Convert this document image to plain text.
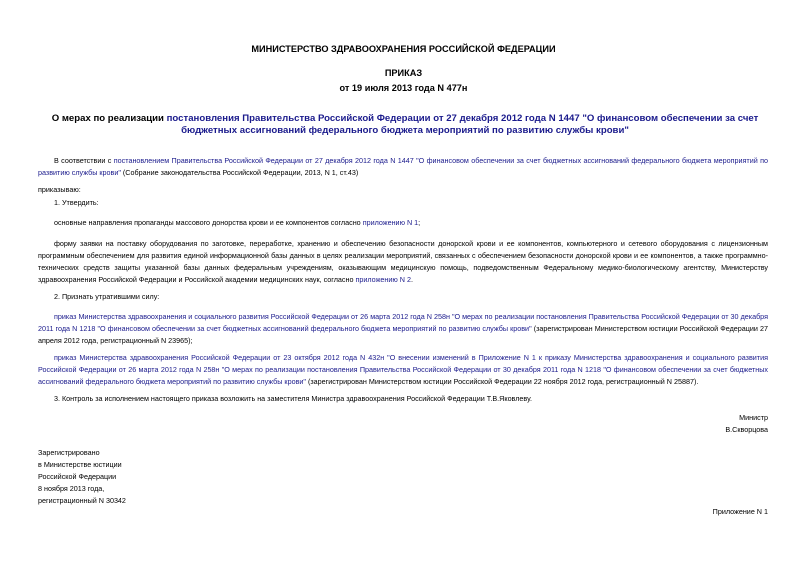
МИНИСТЕРСТВО ЗДРАВООХРАНЕНИЯ РОССИЙСКОЙ ФЕДЕРАЦИИ
ПРИКАЗ
от 19 июля 2013 года N 477н
О мерах по реализации постановления Правительства Российской Федерации от 27 декабря 2012 года N 1447 "О финансовом обеспечении за счет бюджетных ассигнований федерального бюджета мероприятий по развитию службы крови"
В соответствии с постановлением Правительства Российской Федерации от 27 декабря 2012 года N 1447 "О финансовом обеспечении за счет бюджетных ассигнований федерального бюджета мероприятий по развитию службы крови" (Собрание законодательства Российской Федерации, 2013, N 1, ст.43)
приказываю:
1. Утвердить:
основные направления пропаганды массового донорства крови и ее компонентов согласно приложению N 1;
форму заявки на поставку оборудования по заготовке, переработке, хранению и обеспечению безопасности донорской крови и ее компонентов, компьютерного и сетевого оборудования с лицензионным программным обеспечением для развития единой информационной базы данных в целях реализации мероприятий, связанных с обеспечением безопасности донорской крови и ее компонентов, а также программно-технических средств защиты указанной базы данных федеральным учреждениям, оказывающим медицинскую помощь, подведомственным Федеральному медико-биологическому агентству, Министерству здравоохранения Российской Федерации и Российской академии медицинских наук, согласно приложению N 2.
2. Признать утратившими силу:
приказ Министерства здравоохранения и социального развития Российской Федерации от 26 марта 2012 года N 258н "О мерах по реализации постановления Правительства Российской Федерации от 30 декабря 2011 года N 1218 "О финансовом обеспечении за счет бюджетных ассигнований федерального бюджета мероприятий по развитию службы крови" (зарегистрирован Министерством юстиции Российской Федерации 27 апреля 2012 года, регистрационный N 23965);
приказ Министерства здравоохранения Российской Федерации от 23 октября 2012 года N 432н "О внесении изменений в Приложение N 1 к приказу Министерства здравоохранения и социального развития Российской Федерации от 26 марта 2012 года N 258н "О мерах по реализации постановления Правительства Российской Федерации от 30 декабря 2011 года N 1218 "О финансовом обеспечении за счет бюджетных ассигнований федерального бюджета мероприятий по развитию службы крови" (зарегистрирован Министерством юстиции Российской Федерации 22 ноября 2012 года, регистрационный N 25887).
3. Контроль за исполнением настоящего приказа возложить на заместителя Министра здравоохранения Российской Федерации Т.В.Яковлеву.
Министр
В.Скворцова
Зарегистрировано
в Министерстве юстиции
Российской Федерации
8 ноября 2013 года,
регистрационный N 30342
Приложение N 1
